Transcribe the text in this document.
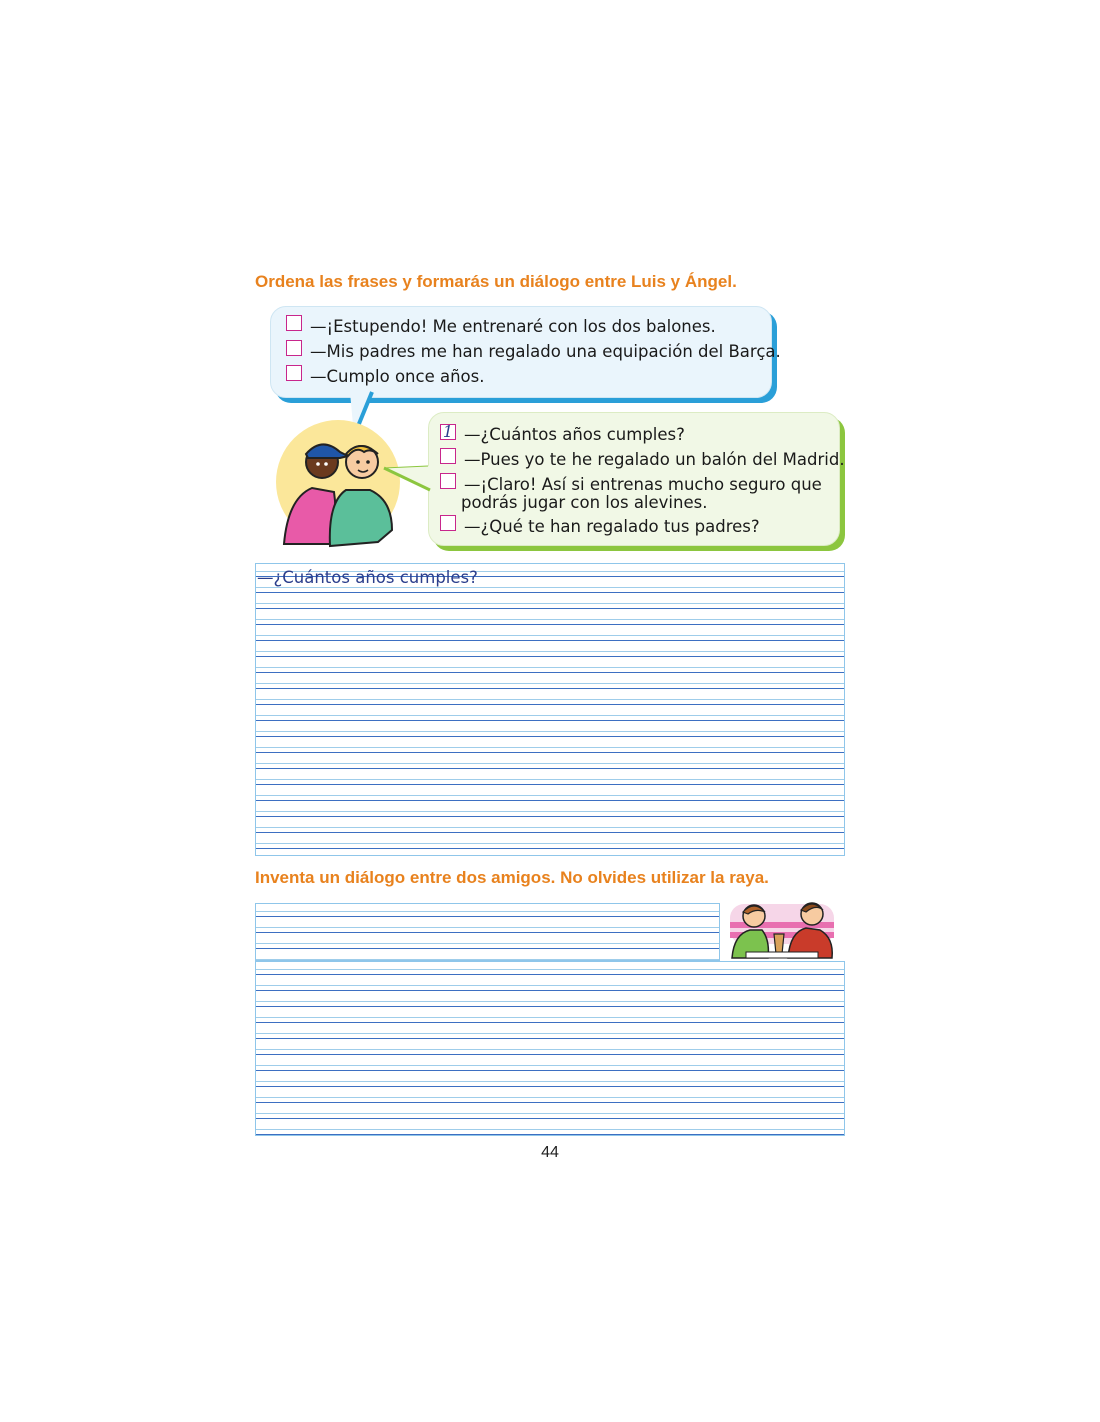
Ordena las frases y formarás un diálogo entre Luis y Ángel.

—¡Estupendo! Me entrenaré con los dos balones.
—Mis padres me han regalado una equipación del Barça.
—Cumplo once años.
1 —¿Cuántos años cumples?
—Pues yo te he regalado un balón del Madrid.
—¡Claro! Así si entrenas mucho seguro que
podrás jugar con los alevines.
—¿Qué te han regalado tus padres?
—¿Cuántos años cumples?

Inventa un diálogo entre dos amigos. No olvides utilizar la raya.

44
